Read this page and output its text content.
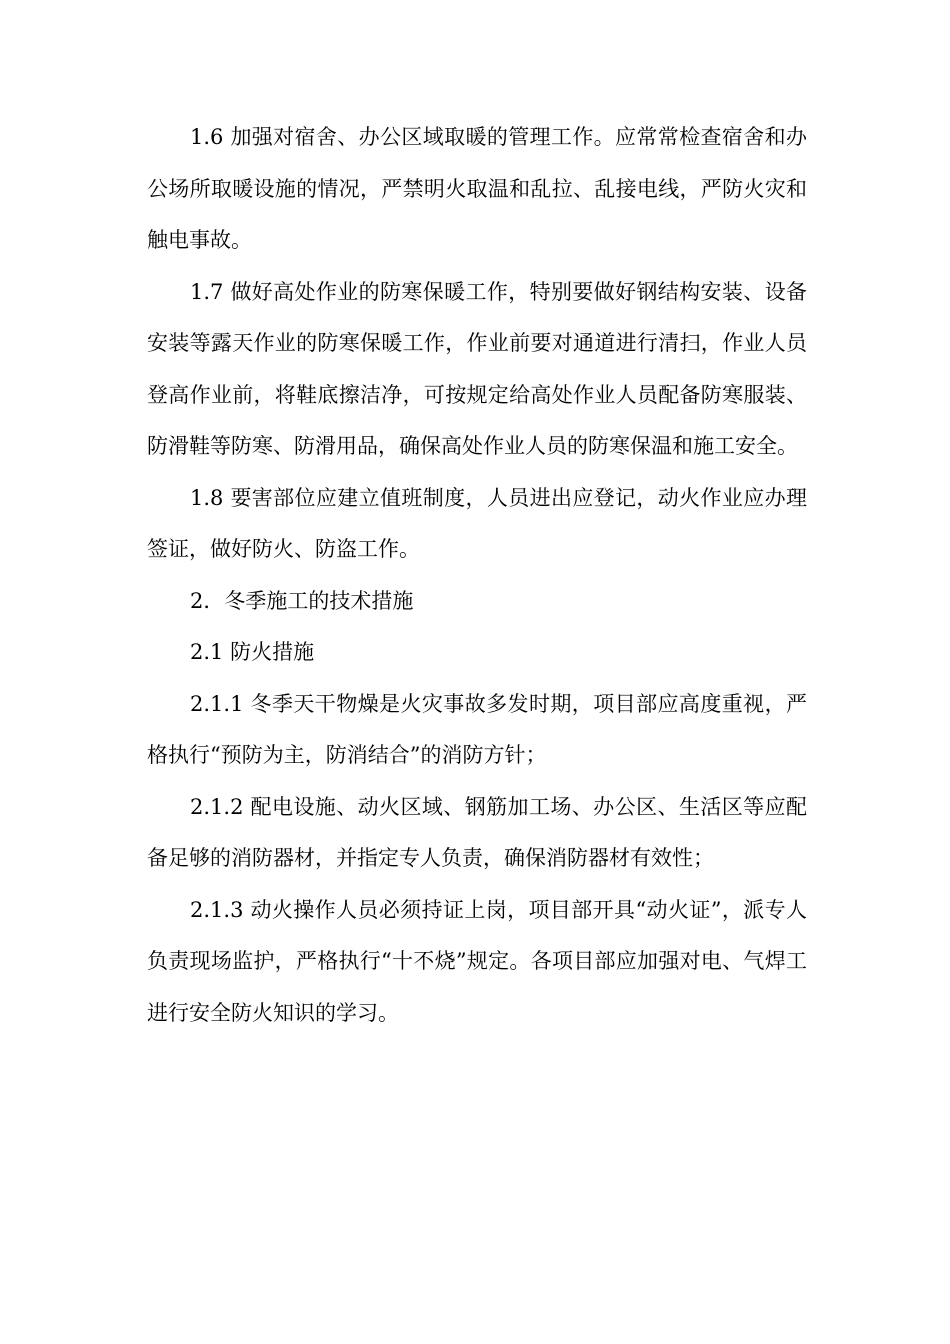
1.6 加强对宿舍、办公区域取暖的管理工作。应常常检查宿舍和办公场所取暖设施的情况，严禁明火取温和乱拉、乱接电线，严防火灾和触电事故。

1.7 做好高处作业的防寒保暖工作，特别要做好钢结构安装、设备安装等露天作业的防寒保暖工作，作业前要对通道进行清扫，作业人员登高作业前，将鞋底擦洁净，可按规定给高处作业人员配备防寒服装、防滑鞋等防寒、防滑用品，确保高处作业人员的防寒保温和施工安全。

1.8 要害部位应建立值班制度，人员进出应登记，动火作业应办理签证，做好防火、防盗工作。

2．冬季施工的技术措施

2.1 防火措施

2.1.1 冬季天干物燥是火灾事故多发时期，项目部应高度重视，严格执行“预防为主，防消结合”的消防方针；

2.1.2 配电设施、动火区域、钢筋加工场、办公区、生活区等应配备足够的消防器材，并指定专人负责，确保消防器材有效性；

2.1.3 动火操作人员必须持证上岗，项目部开具“动火证”，派专人负责现场监护，严格执行“十不烧”规定。各项目部应加强对电、气焊工进行安全防火知识的学习。
